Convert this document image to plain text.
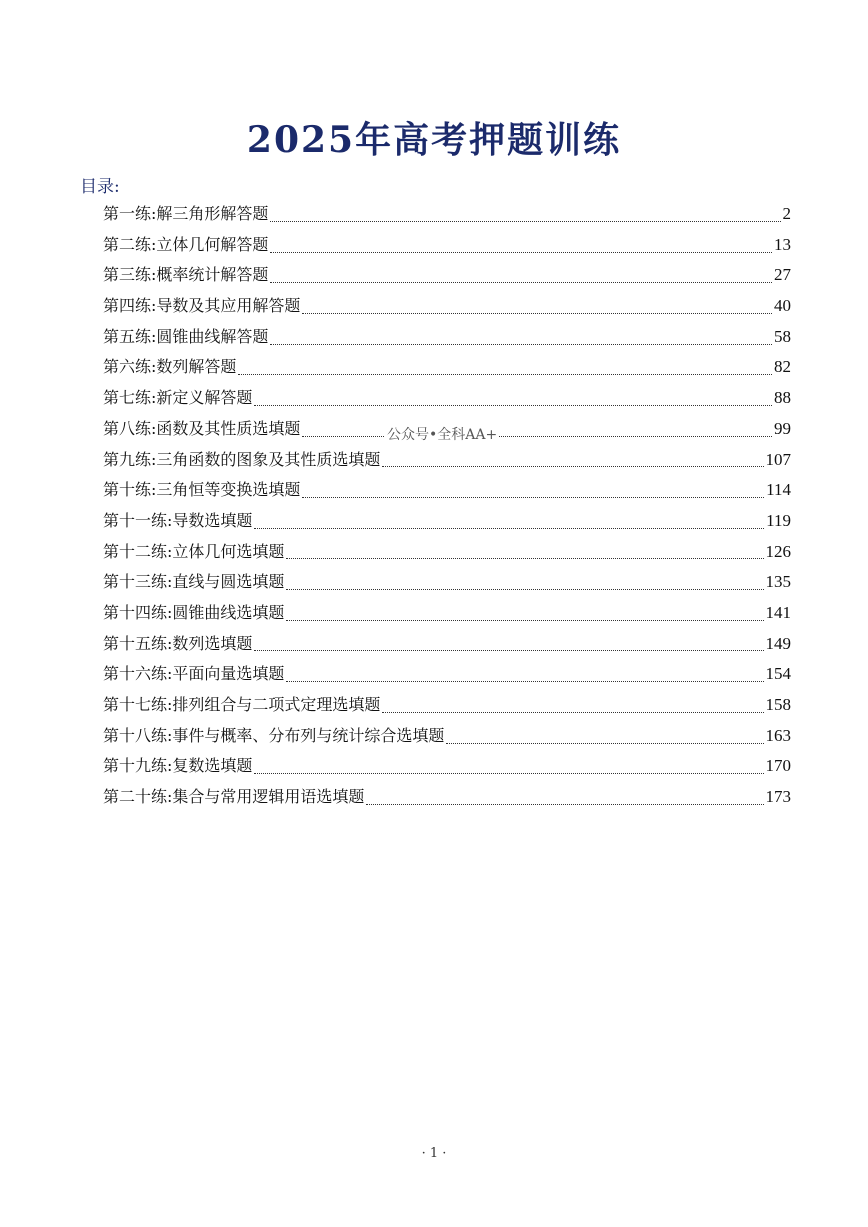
2025年高考押题训练
目录:
第一练:解三角形解答题	2
第二练:立体几何解答题	13
第三练:概率统计解答题	27
第四练:导数及其应用解答题	40
第五练:圆锥曲线解答题	58
第六练:数列解答题	82
第七练:新定义解答题	88
第八练:函数及其性质选填题	99
第九练:三角函数的图象及其性质选填题	107
第十练:三角恒等变换选填题	114
第十一练:导数选填题	119
第十二练:立体几何选填题	126
第十三练:直线与圆选填题	135
第十四练:圆锥曲线选填题	141
第十五练:数列选填题	149
第十六练:平面向量选填题	154
第十七练:排列组合与二项式定理选填题	158
第十八练:事件与概率、分布列与统计综合选填题	163
第十九练:复数选填题	170
第二十练:集合与常用逻辑用语选填题	173
公众号•全科AA+
· 1 ·
